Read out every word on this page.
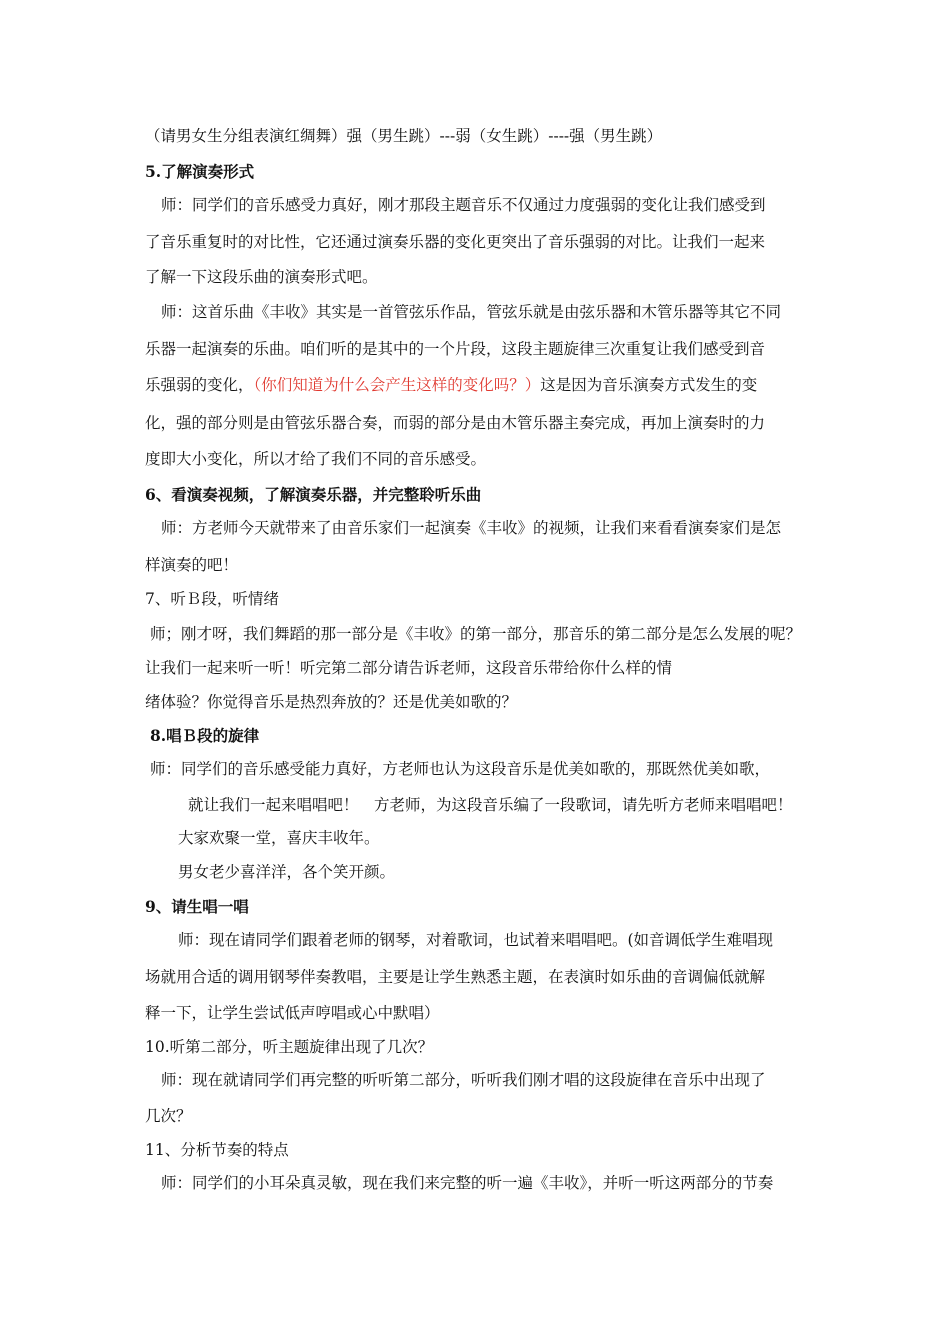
（请男女生分组表演红绸舞）强（男生跳）---弱（女生跳）----强（男生跳）

5.了解演奏形式

师：同学们的音乐感受力真好，刚才那段主题音乐不仅通过力度强弱的变化让我们感受到

了音乐重复时的对比性，它还通过演奏乐器的变化更突出了音乐强弱的对比。让我们一起来

了解一下这段乐曲的演奏形式吧。

师：这首乐曲《丰收》其实是一首管弦乐作品，管弦乐就是由弦乐器和木管乐器等其它不同

乐器一起演奏的乐曲。咱们听的是其中的一个片段，这段主题旋律三次重复让我们感受到音

乐强弱的变化，（你们知道为什么会产生这样的变化吗？）这是因为音乐演奏方式发生的变

化，强的部分则是由管弦乐器合奏，而弱的部分是由木管乐器主奏完成，再加上演奏时的力

度即大小变化，所以才给了我们不同的音乐感受。

6、看演奏视频，了解演奏乐器，并完整聆听乐曲

师：方老师今天就带来了由音乐家们一起演奏《丰收》的视频，让我们来看看演奏家们是怎

样演奏的吧！

7、听Ｂ段，听情绪

师；刚才呀，我们舞蹈的那一部分是《丰收》的第一部分，那音乐的第二部分是怎么发展的呢？

让我们一起来听一听！听完第二部分请告诉老师，这段音乐带给你什么样的情

绪体验？你觉得音乐是热烈奔放的？还是优美如歌的？

8.唱Ｂ段的旋律

师：同学们的音乐感受能力真好，方老师也认为这段音乐是优美如歌的，那既然优美如歌，

就让我们一起来唱唱吧！　方老师，为这段音乐编了一段歌词，请先听方老师来唱唱吧！

大家欢聚一堂，喜庆丰收年。

男女老少喜洋洋，各个笑开颜。

9、请生唱一唱

师：现在请同学们跟着老师的钢琴，对着歌词，也试着来唱唱吧。(如音调低学生难唱现

场就用合适的调用钢琴伴奏教唱，主要是让学生熟悉主题，在表演时如乐曲的音调偏低就解

释一下，让学生尝试低声哼唱或心中默唱）

10.听第二部分，听主题旋律出现了几次？

师：现在就请同学们再完整的听听第二部分，听听我们刚才唱的这段旋律在音乐中出现了

几次？

11、分析节奏的特点

师：同学们的小耳朵真灵敏，现在我们来完整的听一遍《丰收》，并听一听这两部分的节奏
